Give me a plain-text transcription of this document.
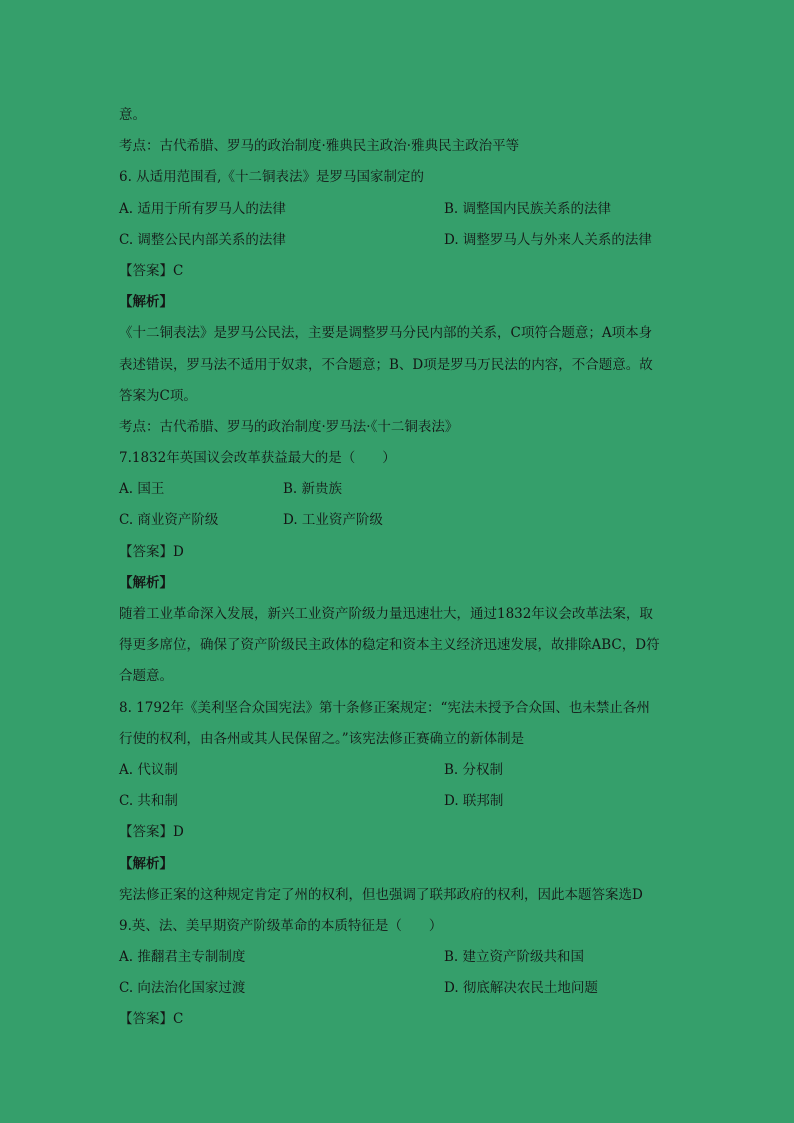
意。
考点：古代希腊、罗马的政治制度·雅典民主政治·雅典民主政治平等
6. 从适用范围看,《十二铜表法》是罗马国家制定的
A. 适用于所有罗马人的法律	B. 调整国内民族关系的法律
C. 调整公民内部关系的法律	D. 调整罗马人与外来人关系的法律
【答案】C
【解析】
《十二铜表法》是罗马公民法，主要是调整罗马分民内部的关系，C项符合题意；A项本身
表述错误，罗马法不适用于奴隶，不合题意；B、D项是罗马万民法的内容，不合题意。故
答案为C项。
考点：古代希腊、罗马的政治制度·罗马法·《十二铜表法》
7.1832年英国议会改革获益最大的是（　　）
A. 国王	B. 新贵族
C. 商业资产阶级	D. 工业资产阶级
【答案】D
【解析】
随着工业革命深入发展，新兴工业资产阶级力量迅速壮大，通过1832年议会改革法案，取
得更多席位，确保了资产阶级民主政体的稳定和资本主义经济迅速发展，故排除ABC，D符
合题意。
8. 1792年《美利坚合众国宪法》第十条修正案规定：“宪法未授予合众国、也未禁止各州
行使的权利，由各州或其人民保留之。”该宪法修正赛确立的新体制是
A. 代议制	B. 分权制
C. 共和制	D. 联邦制
【答案】D
【解析】
宪法修正案的这种规定肯定了州的权利，但也强调了联邦政府的权利，因此本题答案选D
9.英、法、美早期资产阶级革命的本质特征是（　　）
A. 推翻君主专制制度	B. 建立资产阶级共和国
C. 向法治化国家过渡	D. 彻底解决农民土地问题
【答案】C
